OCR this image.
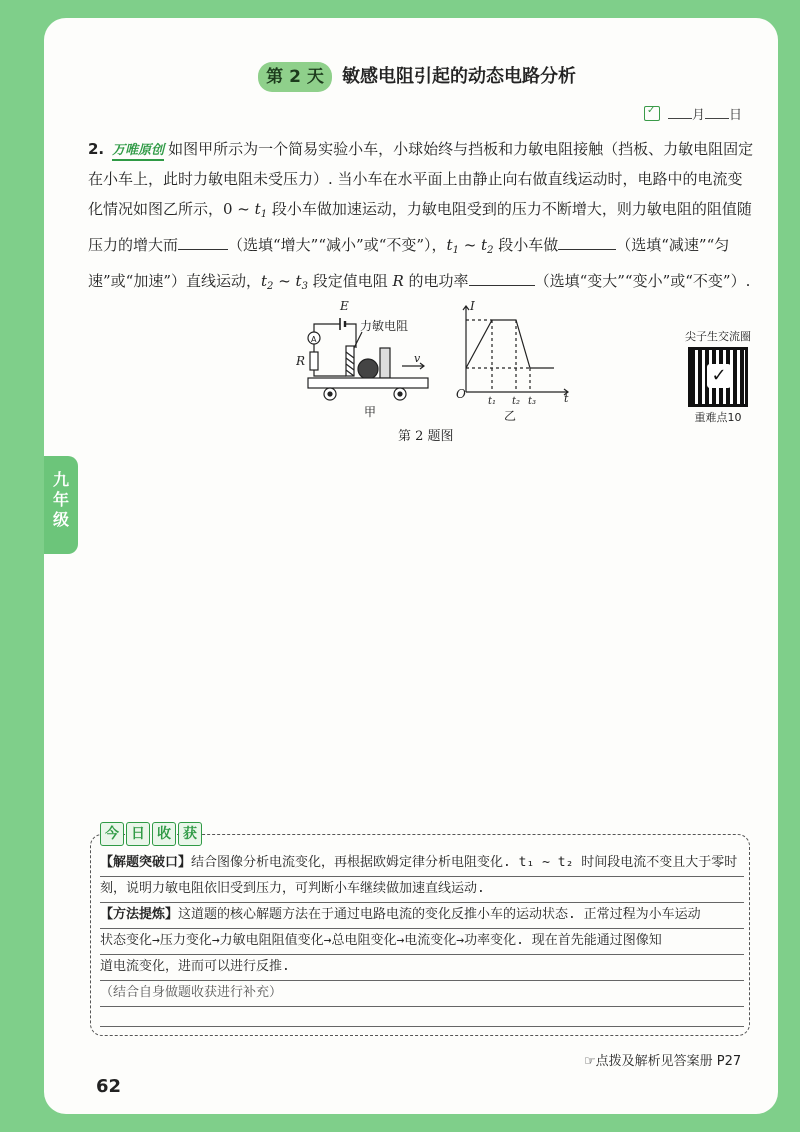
第 2 天	敏感电阻引起的动态电路分析
✓月 日
2. 万唯原创 如图甲所示为一个简易实验小车，小球始终与挡板和力敏电阻接触（挡板、力敏电阻固定在小车上，此时力敏电阻未受压力）. 当小车在水平面上由静止向右做直线运动时，电路中的电流变化情况如图乙所示，0 ~ $t_1$ 段小车做加速运动，力敏电阻受到的压力不断增大，则力敏电阻的阻值随压力的增大而	（选填“增大”“减小”或“不变”），$t_1$ ~ $t_2$ 段小车做	（选填“减速”“匀速”或“加速”）直线运动，$t_2$ ~ $t_3$ 段定值电阻 R 的电功率	（选填“变大”“变小”或“不变”）.
E
A
R
力敏电阻
v
甲
I
O	t
t₁ t₂ t₃
乙
第 2 题图
尖子生交流圈
✓
重难点10
九
年
级
今 日 收 获
【解题突破口】结合图像分析电流变化，再根据欧姆定律分析电阻变化. t₁ ~ t₂ 时间段电流不变且大于零时
刻，说明力敏电阻依旧受到压力，可判断小车继续做加速直线运动.
【方法提炼】这道题的核心解题方法在于通过电路电流的变化反推小车的运动状态. 正常过程为小车运动
状态变化→压力变化→力敏电阻阻值变化→总电阻变化→电流变化→功率变化. 现在首先能通过图像知
道电流变化，进而可以进行反推.
（结合自身做题收获进行补充）
☞点拨及解析见答案册 P27
62
